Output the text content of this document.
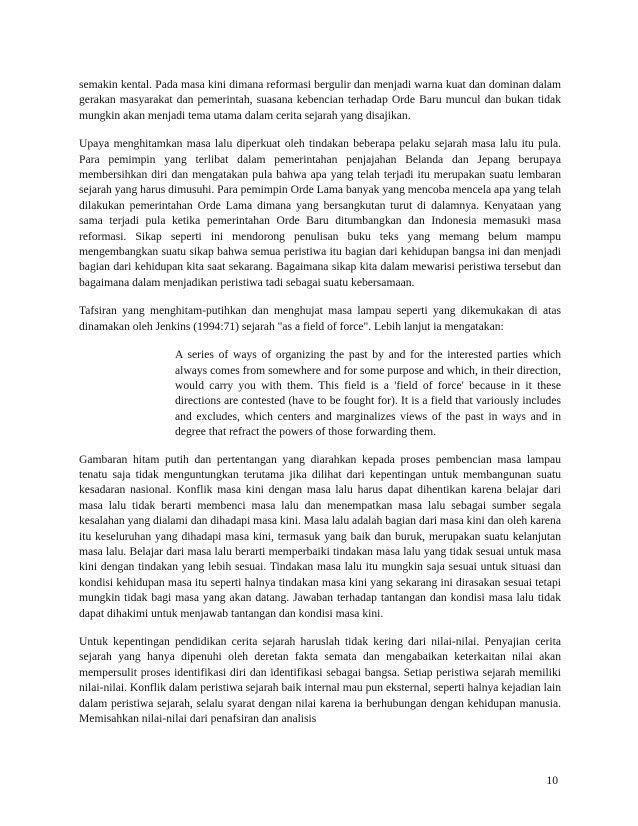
semakin kental. Pada masa kini dimana reformasi bergulir dan menjadi warna kuat dan dominan dalam gerakan masyarakat dan pemerintah, suasana kebencian terhadap Orde Baru muncul dan bukan tidak mungkin akan menjadi tema utama dalam cerita sejarah yang disajikan.

Upaya menghitamkan masa lalu diperkuat oleh tindakan beberapa pelaku sejarah masa lalu itu pula. Para pemimpin yang terlibat dalam pemerintahan penjajahan Belanda dan Jepang berupaya membersihkan diri dan mengatakan pula bahwa apa yang telah terjadi itu merupakan suatu lembaran sejarah yang harus dimusuhi. Para pemimpin Orde Lama banyak yang mencoba mencela apa yang telah dilakukan pemerintahan Orde Lama dimana yang bersangkutan turut di dalamnya. Kenyataan yang sama terjadi pula ketika pemerintahan Orde Baru ditumbangkan dan Indonesia memasuki masa reformasi. Sikap seperti ini mendorong penulisan buku teks yang memang belum mampu mengembangkan suatu sikap bahwa semua peristiwa itu bagian dari kehidupan bangsa ini dan menjadi bagian dari kehidupan kita saat sekarang. Bagaimana sikap kita dalam mewarisi peristiwa tersebut dan bagaimana dalam menjadikan peristiwa tadi sebagai suatu kebersamaan.

Tafsiran yang menghitam-putihkan dan menghujat masa lampau seperti yang dikemukakan di atas dinamakan oleh Jenkins (1994:71) sejarah "as a field of force". Lebih lanjut ia mengatakan:

A series of ways of organizing the past by and for the interested parties which always comes from somewhere and for some purpose and which, in their direction, would carry you with them. This field is a 'field of force' because in it these directions are contested (have to be fought for). It is a field that variously includes and excludes, which centers and marginalizes views of the past in ways and in degree that refract the powers of those forwarding them.

Gambaran hitam putih dan pertentangan yang diarahkan kepada proses pembencian masa lampau tenatu saja tidak menguntungkan terutama jika dilihat dari kepentingan untuk membangunan suatu kesadaran nasional. Konflik masa kini dengan masa lalu harus dapat dihentikan karena belajar dari masa lalu tidak berarti membenci masa lalu dan menempatkan masa lalu sebagai sumber segala kesalahan yang dialami dan dihadapi masa kini. Masa lalu adalah bagian dari masa kini dan oleh karena itu keseluruhan yang dihadapi masa kini, termasuk yang baik dan buruk, merupakan suatu kelanjutan masa lalu. Belajar dari masa lalu berarti memperbaiki tindakan masa lalu yang tidak sesuai untuk masa kini dengan tindakan yang lebih sesuai. Tindakan masa lalu itu mungkin saja sesuai untuk situasi dan kondisi kehidupan masa itu seperti halnya tindakan masa kini yang sekarang ini dirasakan sesuai tetapi mungkin tidak bagi masa yang akan datang. Jawaban terhadap tantangan dan kondisi masa lalu tidak dapat dihakimi untuk menjawab tantangan dan kondisi masa kini.

Untuk kepentingan pendidikan cerita sejarah haruslah tidak kering dari nilai-nilai. Penyajian cerita sejarah yang hanya dipenuhi oleh deretan fakta semata dan mengabaikan keterkaitan nilai akan mempersulit proses identifikasi diri dan identifikasi sebagai bangsa. Setiap peristiwa sejarah memiliki nilai-nilai. Konflik dalam peristiwa sejarah baik internal mau pun eksternal, seperti halnya kejadian lain dalam peristiwa sejarah, selalu syarat dengan nilai karena ia berhubungan dengan kehidupan manusia. Memisahkan nilai-nilai dari penafsiran dan analisis

10
